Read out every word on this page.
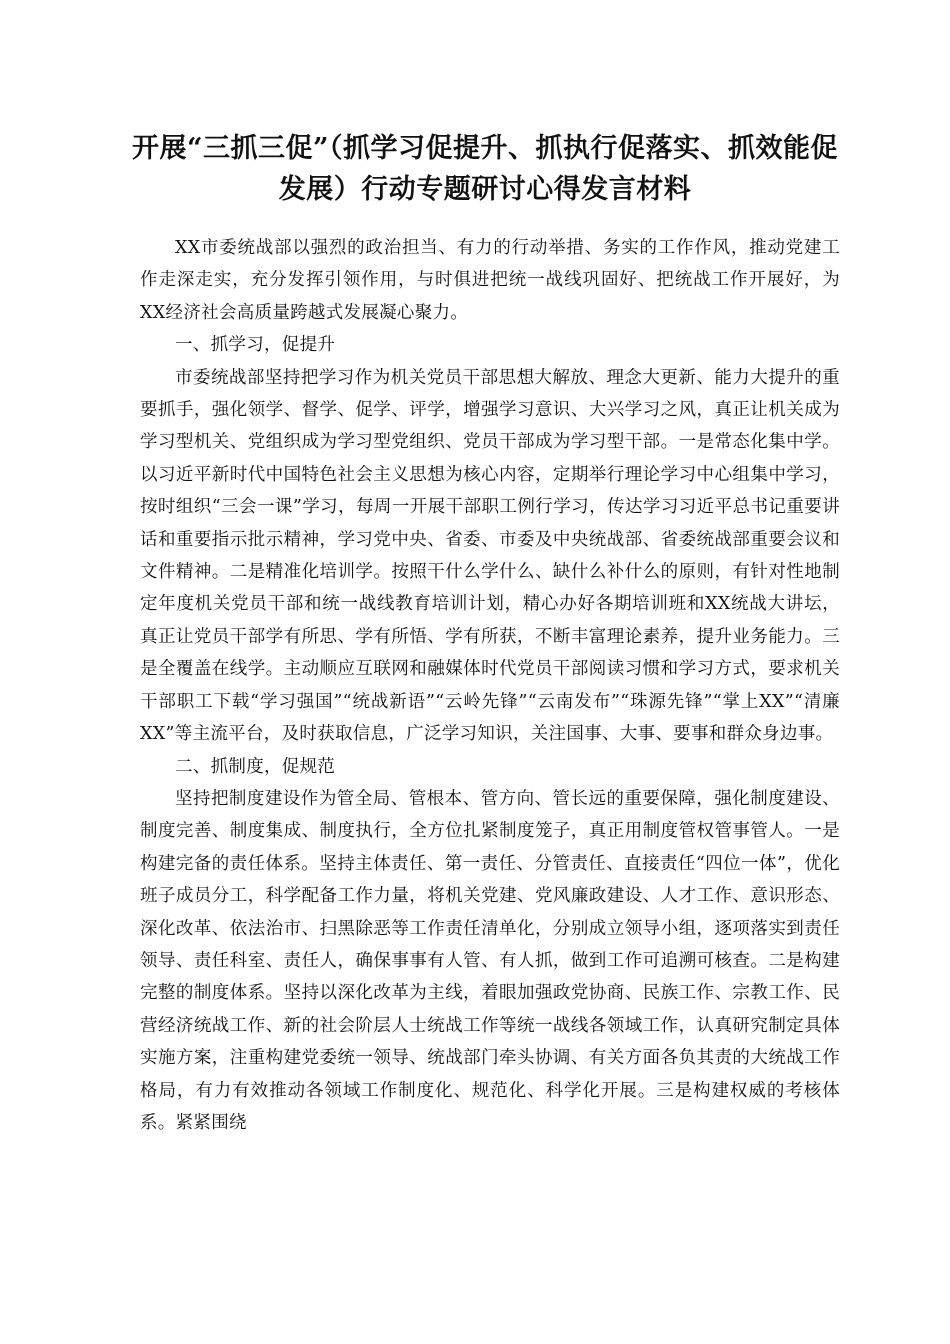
开展“三抓三促”（抓学习促提升、抓执行促落实、抓效能促发展）行动专题研讨心得发言材料

XX市委统战部以强烈的政治担当、有力的行动举措、务实的工作作风，推动党建工作走深走实，充分发挥引领作用，与时俱进把统一战线巩固好、把统战工作开展好，为XX经济社会高质量跨越式发展凝心聚力。

一、抓学习，促提升

市委统战部坚持把学习作为机关党员干部思想大解放、理念大更新、能力大提升的重要抓手，强化领学、督学、促学、评学，增强学习意识、大兴学习之风，真正让机关成为学习型机关、党组织成为学习型党组织、党员干部成为学习型干部。一是常态化集中学。以习近平新时代中国特色社会主义思想为核心内容，定期举行理论学习中心组集中学习，按时组织“三会一课”学习，每周一开展干部职工例行学习，传达学习习近平总书记重要讲话和重要指示批示精神，学习党中央、省委、市委及中央统战部、省委统战部重要会议和文件精神。二是精准化培训学。按照干什么学什么、缺什么补什么的原则，有针对性地制定年度机关党员干部和统一战线教育培训计划，精心办好各期培训班和XX统战大讲坛，真正让党员干部学有所思、学有所悟、学有所获，不断丰富理论素养，提升业务能力。三是全覆盖在线学。主动顺应互联网和融媒体时代党员干部阅读习惯和学习方式，要求机关干部职工下载“学习强国”“统战新语”“云岭先锋”“云南发布”“珠源先锋”“掌上XX”“清廉XX”等主流平台，及时获取信息，广泛学习知识，关注国事、大事、要事和群众身边事。

二、抓制度，促规范

坚持把制度建设作为管全局、管根本、管方向、管长远的重要保障，强化制度建设、制度完善、制度集成、制度执行，全方位扎紧制度笼子，真正用制度管权管事管人。一是构建完备的责任体系。坚持主体责任、第一责任、分管责任、直接责任“四位一体”，优化班子成员分工，科学配备工作力量，将机关党建、党风廉政建设、人才工作、意识形态、深化改革、依法治市、扫黑除恶等工作责任清单化，分别成立领导小组，逐项落实到责任领导、责任科室、责任人，确保事事有人管、有人抓，做到工作可追溯可核查。二是构建完整的制度体系。坚持以深化改革为主线，着眼加强政党协商、民族工作、宗教工作、民营经济统战工作、新的社会阶层人士统战工作等统一战线各领域工作，认真研究制定具体实施方案，注重构建党委统一领导、统战部门牵头协调、有关方面各负其责的大统战工作格局，有力有效推动各领域工作制度化、规范化、科学化开展。三是构建权威的考核体系。紧紧围绕
